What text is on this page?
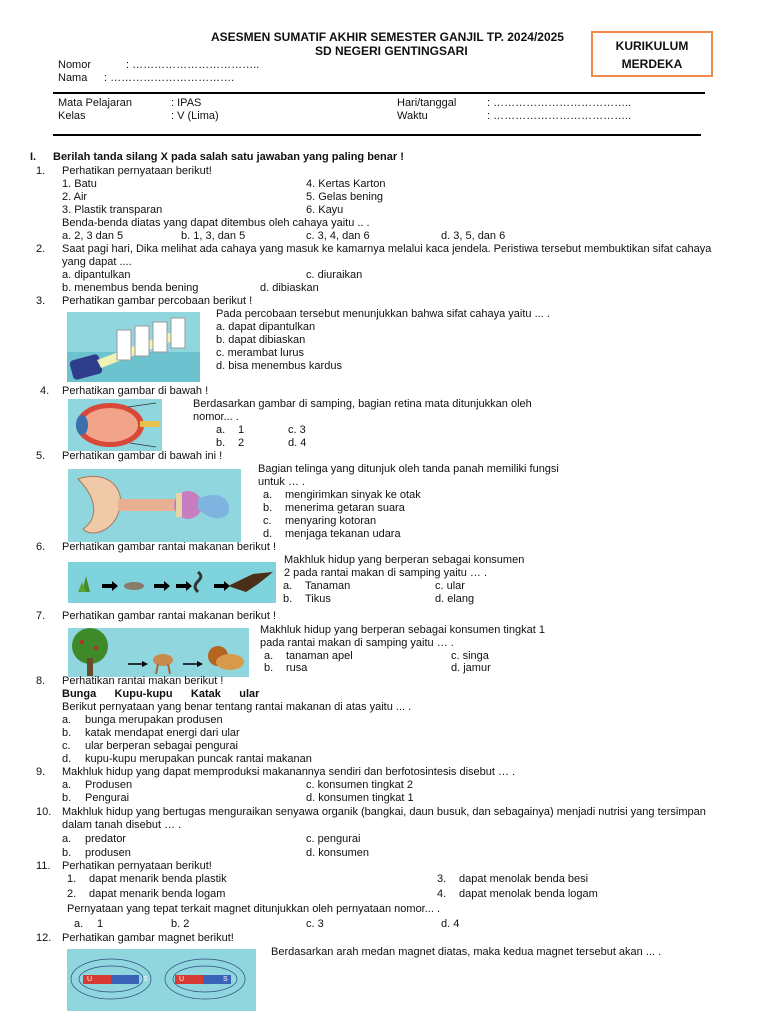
ASESMEN SUMATIF AKHIR SEMESTER GANJIL TP. 2024/2025
SD NEGERI GENTINGSARI	KURIKULUM
MERDEKA
Nomor	: ……………………………..
Nama : …………………………….
Mata Pelajaran	: IPAS
Kelas	: V (Lima)
Hari/tanggal	: ………………………………..
Waktu	: ………………………………..
I. Berilah tanda silang X pada salah satu jawaban yang paling benar !
1. Perhatikan pernyataan berikut!
1. Batu	4. Kertas Karton
2. Air	5. Gelas bening
3. Plastik transparan	6. Kayu
Benda-benda diatas yang dapat ditembus oleh cahaya yaitu .. .
a. 2, 3 dan 5	b. 1, 3, dan 5	c. 3, 4, dan 6	d. 3, 5, dan 6
2. Saat pagi hari, Dika melihat ada cahaya yang masuk ke kamarnya melalui kaca jendela. Peristiwa tersebut membuktikan sifat cahaya yang dapat ....
a. dipantulkan	c. diuraikan
b. menembus benda bening	d. dibiaskan
3. Perhatikan gambar percobaan berikut !
Pada percobaan tersebut menunjukkan bahwa sifat cahaya yaitu ... .
a. dapat dipantulkan
b. dapat dibiaskan
c. merambat lurus
d. bisa menembus kardus
4. Perhatikan gambar di bawah !
Berdasarkan gambar di samping, bagian retina mata ditunjukkan oleh nomor... .
a. 1	c. 3
b. 2	d. 4
5. Perhatikan gambar di bawah ini !
Bagian telinga yang ditunjuk oleh tanda panah memiliki fungsi untuk … .
a. mengirimkan sinyak ke otak
b. menerima getaran suara
c. menyaring kotoran
d. menjaga tekanan udara
6. Perhatikan gambar rantai makanan berikut !
Makhluk hidup yang berperan sebagai konsumen
2 pada rantai makan di samping yaitu … .
a. Tanaman	c. ular
b. Tikus	d. elang
7. Perhatikan gambar rantai makanan berikut !
Makhluk hidup yang berperan sebagai konsumen tingkat 1
pada rantai makan di samping yaitu … .
a. tanaman apel	c. singa
b. rusa	d. jamur
8. Perhatikan rantai makan berikut !
Bunga      Kupu-kupu      Katak      ular
Berikut pernyataan yang benar tentang rantai makanan di atas yaitu ... .
a. bunga merupakan produsen
b. katak mendapat energi dari ular
c. ular berperan sebagai pengurai
d. kupu-kupu merupakan puncak rantai makanan
9. Makhluk hidup yang dapat memproduksi makanannya sendiri dan berfotosintesis disebut … .
a. Produsen	c. konsumen tingkat 2
b. Pengurai	d. konsumen tingkat 1
10. Makhluk hidup yang bertugas menguraikan senyawa organik (bangkai, daun busuk, dan sebagainya) menjadi nutrisi yang tersimpan dalam tanah disebut … .
a. predator	c. pengurai
b. produsen	d. konsumen
11. Perhatikan pernyataan berikut!
1. dapat menarik benda plastik	3. dapat menolak benda besi
2. dapat menarik benda logam	4. dapat menolak benda logam
Pernyataan yang tepat terkait magnet ditunjukkan oleh pernyataan nomor... .
a. 1	b. 2	c. 3	d. 4
12. Perhatikan gambar magnet berikut!
U	S	U	S
Berdasarkan arah medan magnet diatas, maka kedua magnet tersebut akan ... .
